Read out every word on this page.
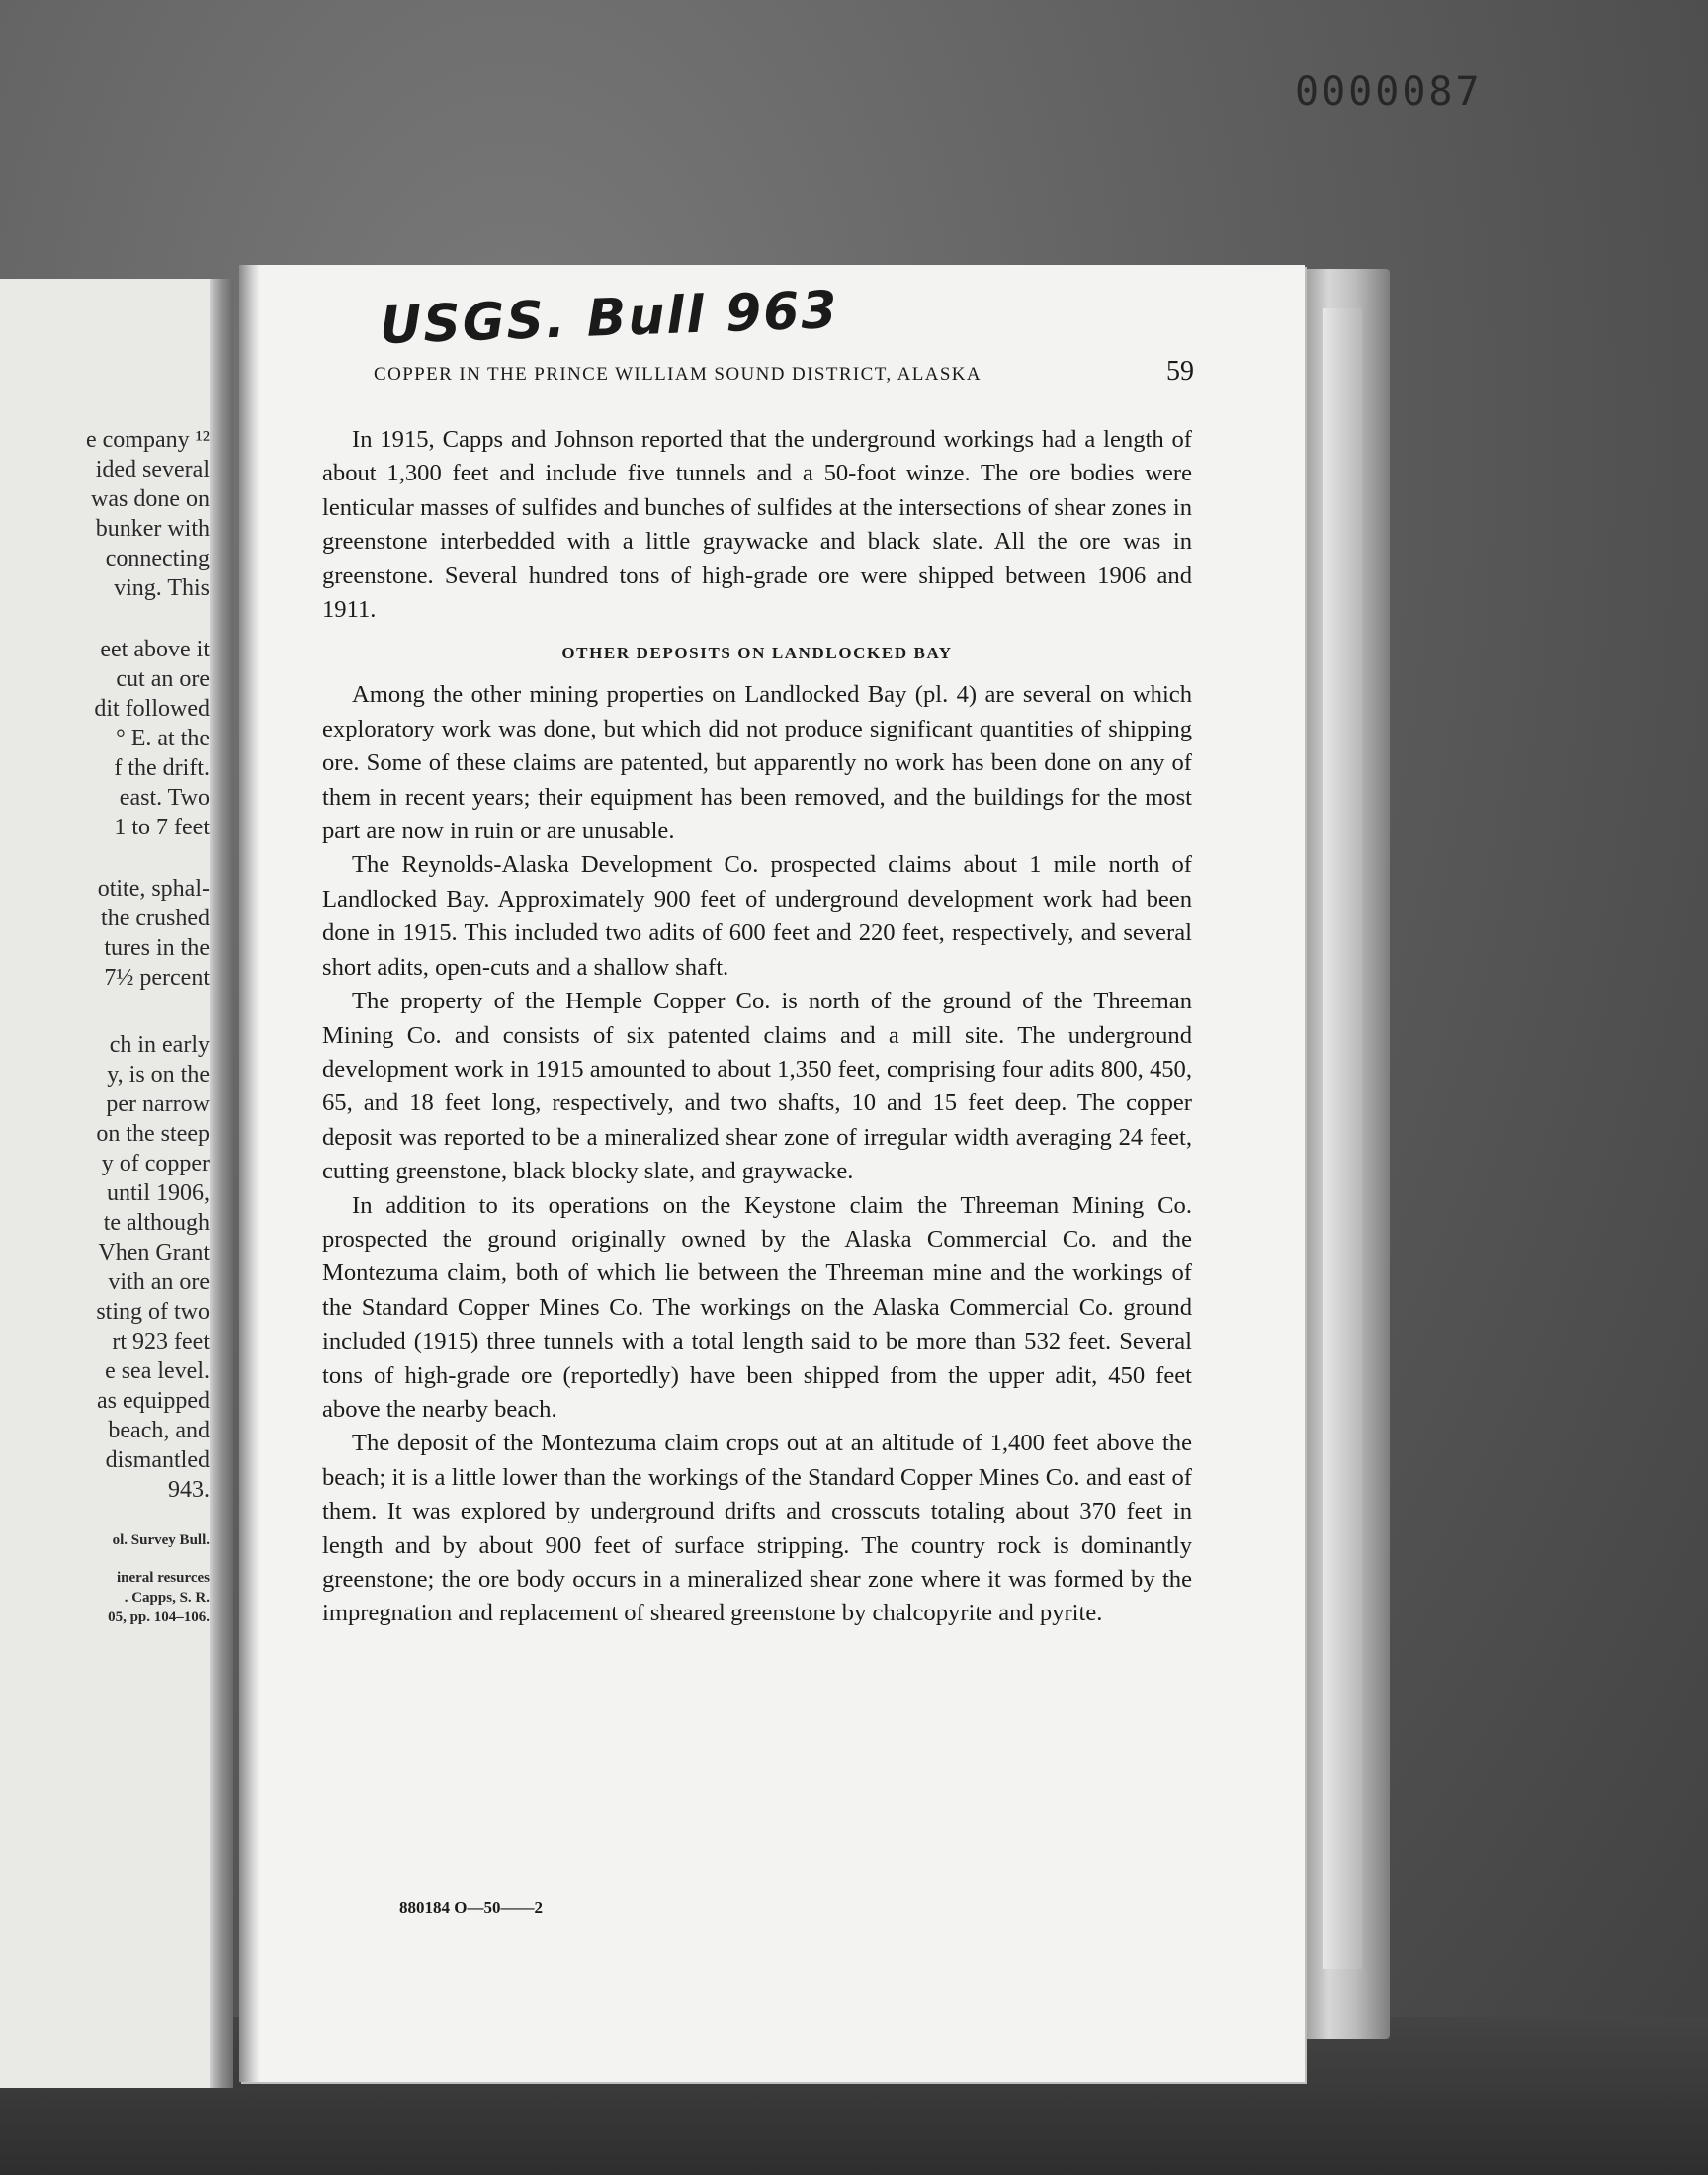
0000087
e company ¹²
ided several
was done on
bunker with
connecting
ving. This
eet above it
cut an ore
dit followed
° E. at the
f the drift.
east. Two
1 to 7 feet
otite, sphal-
the crushed
tures in the
7½ percent
ch in early
y, is on the
per narrow
on the steep
y of copper
until 1906,
te although
Vhen Grant
vith an ore
sting of two
rt 923 feet
e sea level.
as equipped
beach, and
dismantled
943.
ol. Survey Bull.
ineral resurces
. Capps, S. R.
05, pp. 104–106.
USGS. Bull 963
COPPER IN THE PRINCE WILLIAM SOUND DISTRICT, ALASKA	59

In 1915, Capps and Johnson reported that the underground workings had a length of about 1,300 feet and include five tunnels and a 50-foot winze. The ore bodies were lenticular masses of sulfides and bunches of sulfides at the intersections of shear zones in greenstone interbedded with a little graywacke and black slate. All the ore was in greenstone. Several hundred tons of high-grade ore were shipped between 1906 and 1911.

OTHER DEPOSITS ON LANDLOCKED BAY

Among the other mining properties on Landlocked Bay (pl. 4) are several on which exploratory work was done, but which did not produce significant quantities of shipping ore. Some of these claims are patented, but apparently no work has been done on any of them in recent years; their equipment has been removed, and the buildings for the most part are now in ruin or are unusable.

The Reynolds-Alaska Development Co. prospected claims about 1 mile north of Landlocked Bay. Approximately 900 feet of underground development work had been done in 1915. This included two adits of 600 feet and 220 feet, respectively, and several short adits, open-cuts and a shallow shaft.

The property of the Hemple Copper Co. is north of the ground of the Threeman Mining Co. and consists of six patented claims and a mill site. The underground development work in 1915 amounted to about 1,350 feet, comprising four adits 800, 450, 65, and 18 feet long, respectively, and two shafts, 10 and 15 feet deep. The copper deposit was reported to be a mineralized shear zone of irregular width averaging 24 feet, cutting greenstone, black blocky slate, and graywacke.

In addition to its operations on the Keystone claim the Threeman Mining Co. prospected the ground originally owned by the Alaska Commercial Co. and the Montezuma claim, both of which lie between the Threeman mine and the workings of the Standard Copper Mines Co. The workings on the Alaska Commercial Co. ground included (1915) three tunnels with a total length said to be more than 532 feet. Several tons of high-grade ore (reportedly) have been shipped from the upper adit, 450 feet above the nearby beach.

The deposit of the Montezuma claim crops out at an altitude of 1,400 feet above the beach; it is a little lower than the workings of the Standard Copper Mines Co. and east of them. It was explored by underground drifts and crosscuts totaling about 370 feet in length and by about 900 feet of surface stripping. The country rock is dominantly greenstone; the ore body occurs in a mineralized shear zone where it was formed by the impregnation and replacement of sheared greenstone by chalcopyrite and pyrite.

880184 O—50——2
